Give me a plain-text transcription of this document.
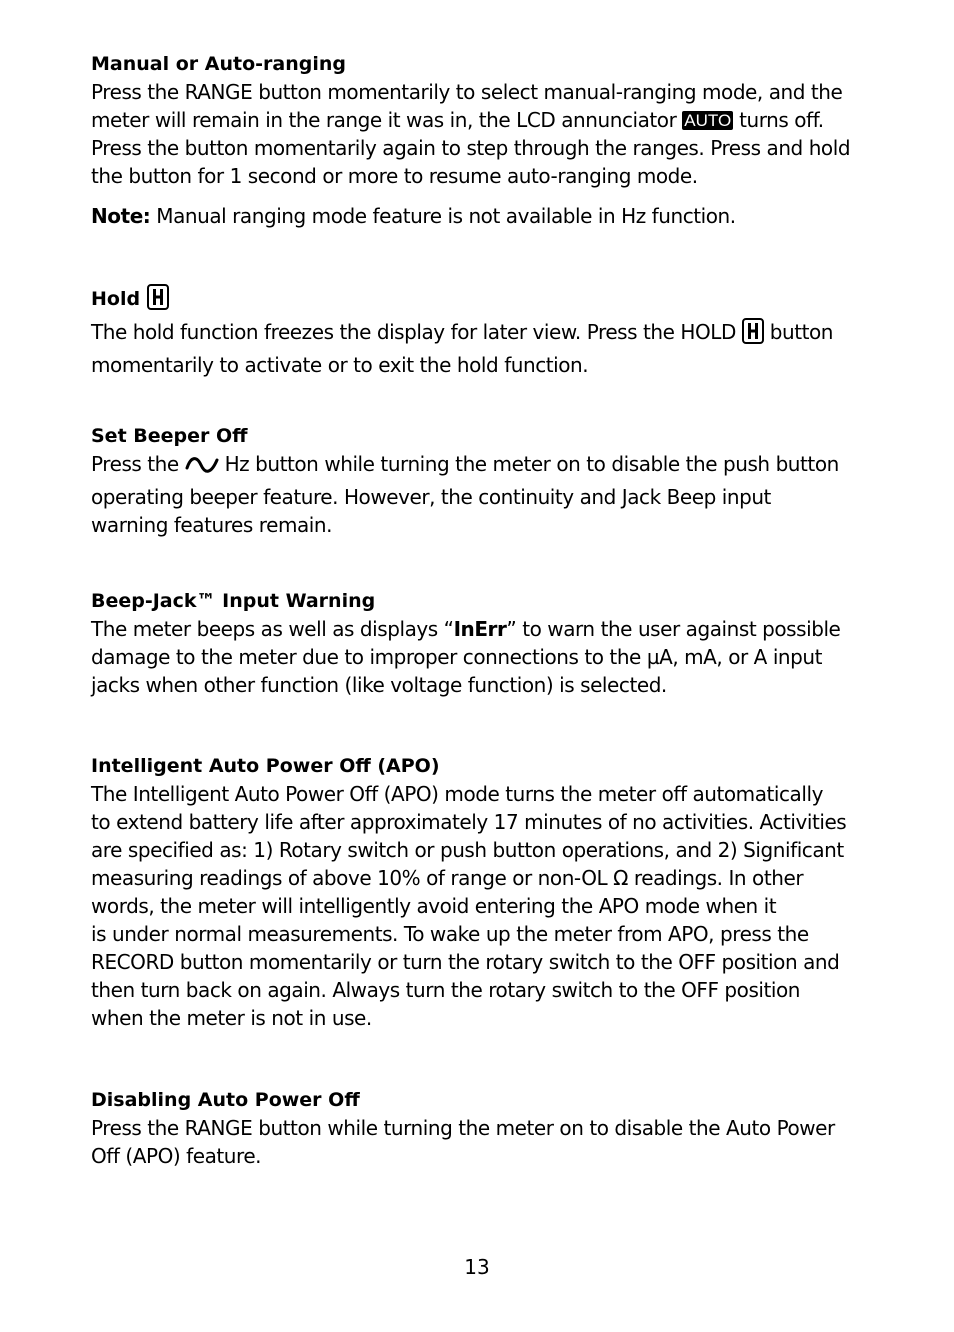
Manual or Auto-ranging
Press the RANGE button momentarily to select manual-ranging mode, and the
meter will remain in the range it was in, the LCD annunciator AUTO turns off.
Press the button momentarily again to step through the ranges. Press and hold
the button for 1 second or more to resume auto-ranging mode.
Note: Manual ranging mode feature is not available in Hz function.
Hold
The hold function freezes the display for later view. Press the HOLD  button
momentarily to activate or to exit the hold function.
Set Beeper Off
Press the  Hz button while turning the meter on to disable the push button
operating beeper feature. However, the continuity and Jack Beep input
warning features remain.
Beep-Jack™ Input Warning
The meter beeps as well as displays “InErr” to warn the user against possible
damage to the meter due to improper connections to the µA, mA, or A input
jacks when other function (like voltage function) is selected.
Intelligent Auto Power Off (APO)
The Intelligent Auto Power Off (APO) mode turns the meter off automatically
to extend battery life after approximately 17 minutes of no activities. Activities
are specified as: 1) Rotary switch or push button operations, and 2) Significant
measuring readings of above 10% of range or non-OL Ω readings. In other
words, the meter will intelligently avoid entering the APO mode when it
is under normal measurements. To wake up the meter from APO, press the
RECORD button momentarily or turn the rotary switch to the OFF position and
then turn back on again. Always turn the rotary switch to the OFF position
when the meter is not in use.
Disabling Auto Power Off
Press the RANGE button while turning the meter on to disable the Auto Power
Off (APO) feature.
13
